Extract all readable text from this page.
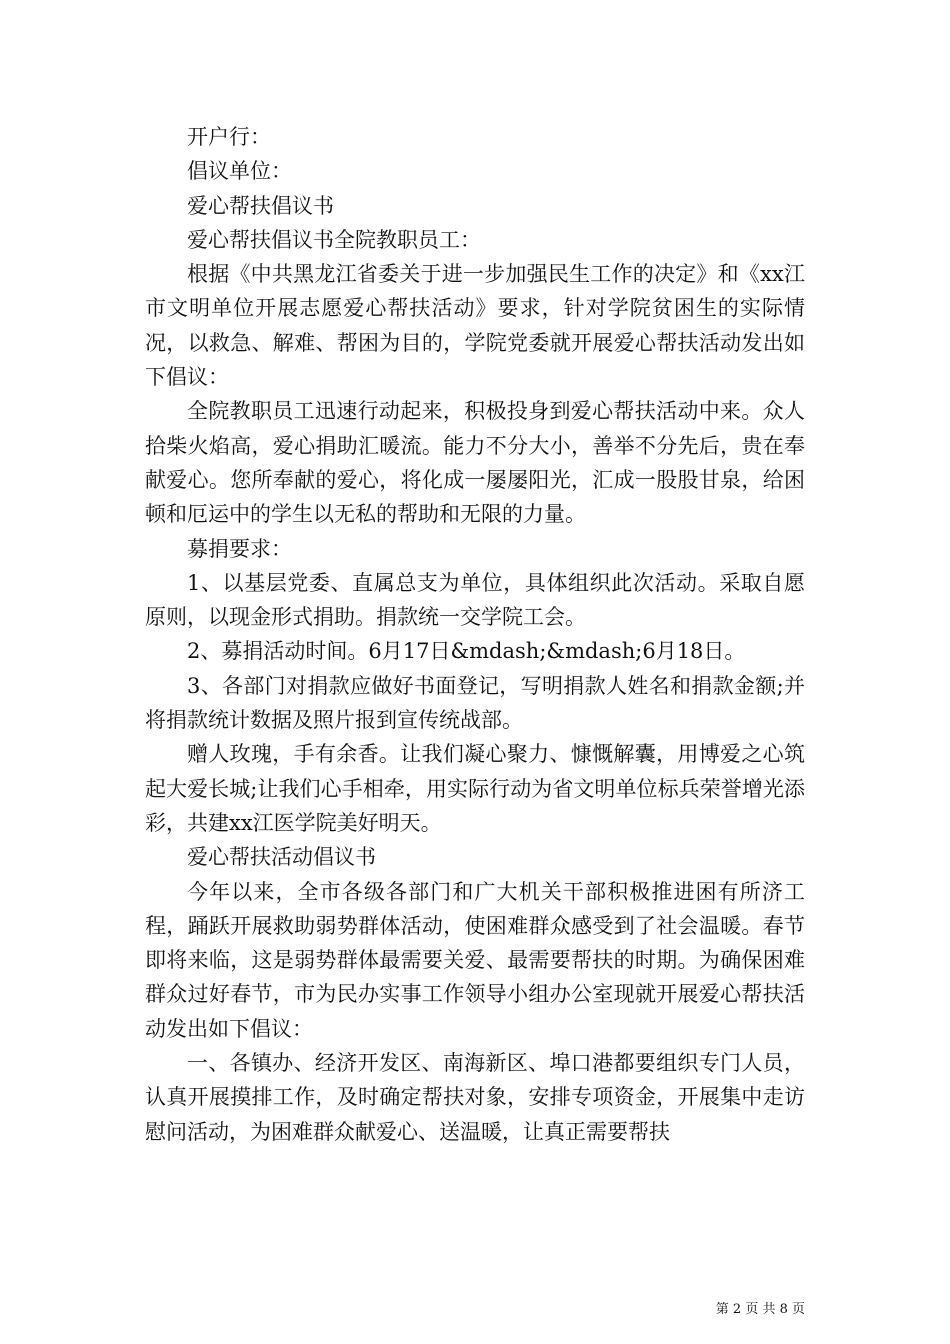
开户行：

倡议单位：

爱心帮扶倡议书

爱心帮扶倡议书全院教职员工：

根据《中共黑龙江省委关于进一步加强民生工作的决定》和《xx江市文明单位开展志愿爱心帮扶活动》要求，针对学院贫困生的实际情况，以救急、解难、帮困为目的，学院党委就开展爱心帮扶活动发出如下倡议：

全院教职员工迅速行动起来，积极投身到爱心帮扶活动中来。众人拾柴火焰高，爱心捐助汇暖流。能力不分大小，善举不分先后，贵在奉献爱心。您所奉献的爱心，将化成一屡屡阳光，汇成一股股甘泉，给困顿和厄运中的学生以无私的帮助和无限的力量。

募捐要求：

1、以基层党委、直属总支为单位，具体组织此次活动。采取自愿原则，以现金形式捐助。捐款统一交学院工会。

2、募捐活动时间。6月17日&mdash;&mdash;6月18日。

3、各部门对捐款应做好书面登记，写明捐款人姓名和捐款金额;并将捐款统计数据及照片报到宣传统战部。

赠人玫瑰，手有余香。让我们凝心聚力、慷慨解囊，用博爱之心筑起大爱长城;让我们心手相牵，用实际行动为省文明单位标兵荣誉增光添彩，共建xx江医学院美好明天。

爱心帮扶活动倡议书

今年以来，全市各级各部门和广大机关干部积极推进困有所济工程，踊跃开展救助弱势群体活动，使困难群众感受到了社会温暖。春节即将来临，这是弱势群体最需要关爱、最需要帮扶的时期。为确保困难群众过好春节，市为民办实事工作领导小组办公室现就开展爱心帮扶活动发出如下倡议：

一、各镇办、经济开发区、南海新区、埠口港都要组织专门人员，认真开展摸排工作，及时确定帮扶对象，安排专项资金，开展集中走访慰问活动，为困难群众献爱心、送温暖，让真正需要帮扶

第 2 页 共 8 页
